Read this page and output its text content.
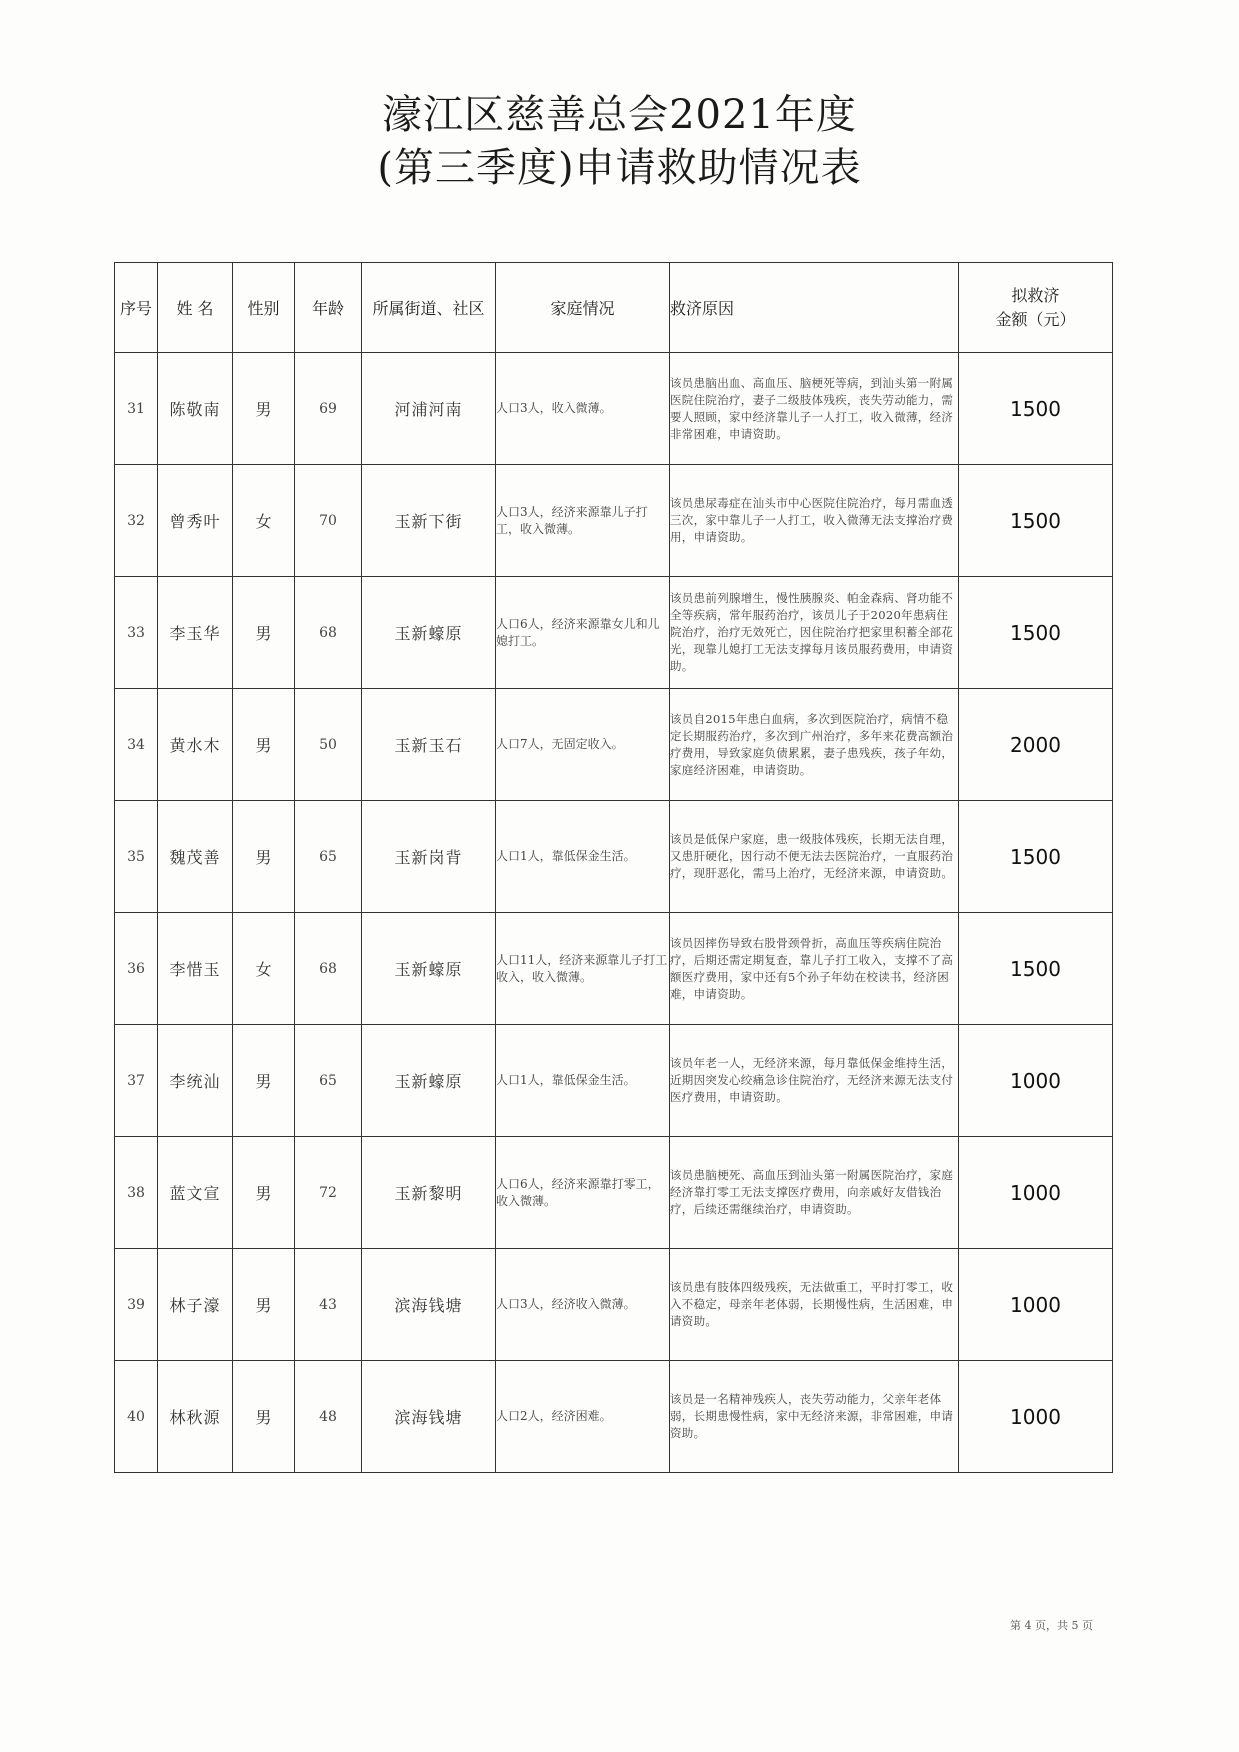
濠江区慈善总会2021年度
(第三季度)申请救助情况表
序号	姓 名	性别	年龄	所属街道、社区	家庭情况	救济原因	拟救济
金额（元）

31	陈敬南	男	69	河浦河南	人口3人，收入微薄。	该员患脑出血、高血压、脑梗死等病，到汕头第一附属医院住院治疗，妻子二级肢体残疾，丧失劳动能力，需要人照顾，家中经济靠儿子一人打工，收入微薄，经济非常困难，申请资助。	1500
32	曾秀叶	女	70	玉新下街	人口3人，经济来源靠儿子打工，收入微薄。	该员患尿毒症在汕头市中心医院住院治疗，每月需血透三次，家中靠儿子一人打工，收入微薄无法支撑治疗费用，申请资助。	1500
33	李玉华	男	68	玉新蠔原	人口6人，经济来源靠女儿和儿媳打工。	该员患前列腺增生，慢性胰腺炎、帕金森病、肾功能不全等疾病，常年服药治疗，该员儿子于2020年患病住院治疗，治疗无效死亡，因住院治疗把家里积蓄全部花光，现靠儿媳打工无法支撑每月该员服药费用，申请资助。	1500
34	黄水木	男	50	玉新玉石	人口7人，无固定收入。	该员自2015年患白血病，多次到医院治疗，病情不稳定长期服药治疗，多次到广州治疗，多年来花费高额治疗费用，导致家庭负债累累，妻子患残疾，孩子年幼，家庭经济困难，申请资助。	2000
35	魏茂善	男	65	玉新岗背	人口1人，靠低保金生活。	该员是低保户家庭，患一级肢体残疾，长期无法自理，又患肝硬化，因行动不便无法去医院治疗，一直服药治疗，现肝恶化，需马上治疗，无经济来源，申请资助。	1500
36	李惜玉	女	68	玉新蠔原	人口11人，经济来源靠儿子打工收入，收入微薄。	该员因摔伤导致右股骨颈骨折，高血压等疾病住院治疗，后期还需定期复查，靠儿子打工收入，支撑不了高额医疗费用，家中还有5个孙子年幼在校读书，经济困难，申请资助。	1500
37	李统汕	男	65	玉新蠔原	人口1人，靠低保金生活。	该员年老一人，无经济来源，每月靠低保金维持生活，近期因突发心绞痛急诊住院治疗，无经济来源无法支付医疗费用，申请资助。	1000
38	蓝文宣	男	72	玉新黎明	人口6人，经济来源靠打零工，收入微薄。	该员患脑梗死、高血压到汕头第一附属医院治疗，家庭经济靠打零工无法支撑医疗费用，向亲戚好友借钱治疗，后续还需继续治疗，申请资助。	1000
39	林子濠	男	43	滨海钱塘	人口3人，经济收入微薄。	该员患有肢体四级残疾，无法做重工，平时打零工，收入不稳定，母亲年老体弱，长期慢性病，生活困难，申请资助。	1000
40	林秋源	男	48	滨海钱塘	人口2人，经济困难。	该员是一名精神残疾人，丧失劳动能力，父亲年老体弱，长期患慢性病，家中无经济来源，非常困难，申请资助。	1000
第 4 页，共 5 页
